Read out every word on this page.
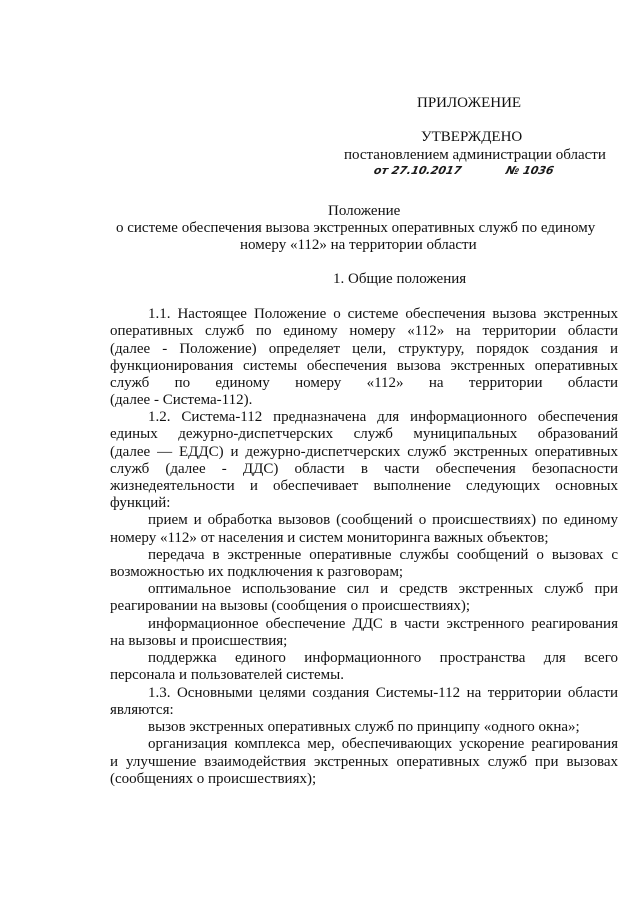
ПРИЛОЖЕНИЕ

УТВЕРЖДЕНО

постановлением администрации области

от 27.10.2017	№ 1036

Положение

о системе обеспечения вызова экстренных оперативных служб по единому

номеру «112» на территории области

1. Общие положения

1.1. Настоящее Положение о системе обеспечения вызова экстренных

оперативных служб по единому номеру «112» на территории области

(далее - Положение) определяет цели, структуру, порядок создания и

функционирования системы обеспечения вызова экстренных оперативных

служб по единому номеру «112» на территории области

(далее - Система-112).

1.2. Система-112 предназначена для информационного обеспечения

единых дежурно-диспетчерских служб муниципальных образований

(далее — ЕДДС) и дежурно-диспетчерских служб экстренных оперативных

служб (далее - ДДС) области в части обеспечения безопасности

жизнедеятельности и обеспечивает выполнение следующих основных

функций:

прием и обработка вызовов (сообщений о происшествиях) по единому

номеру «112» от населения и систем мониторинга важных объектов;

передача в экстренные оперативные службы сообщений о вызовах с

возможностью их подключения к разговорам;

оптимальное использование сил и средств экстренных служб при

реагировании на вызовы (сообщения о происшествиях);

информационное обеспечение ДДС в части экстренного реагирования

на вызовы и происшествия;

поддержка единого информационного пространства для всего

персонала и пользователей системы.

1.3. Основными целями создания Системы-112 на территории области

являются:

вызов экстренных оперативных служб по принципу «одного окна»;

организация комплекса мер, обеспечивающих ускорение реагирования

и улучшение взаимодействия экстренных оперативных служб при вызовах

(сообщениях о происшествиях);
